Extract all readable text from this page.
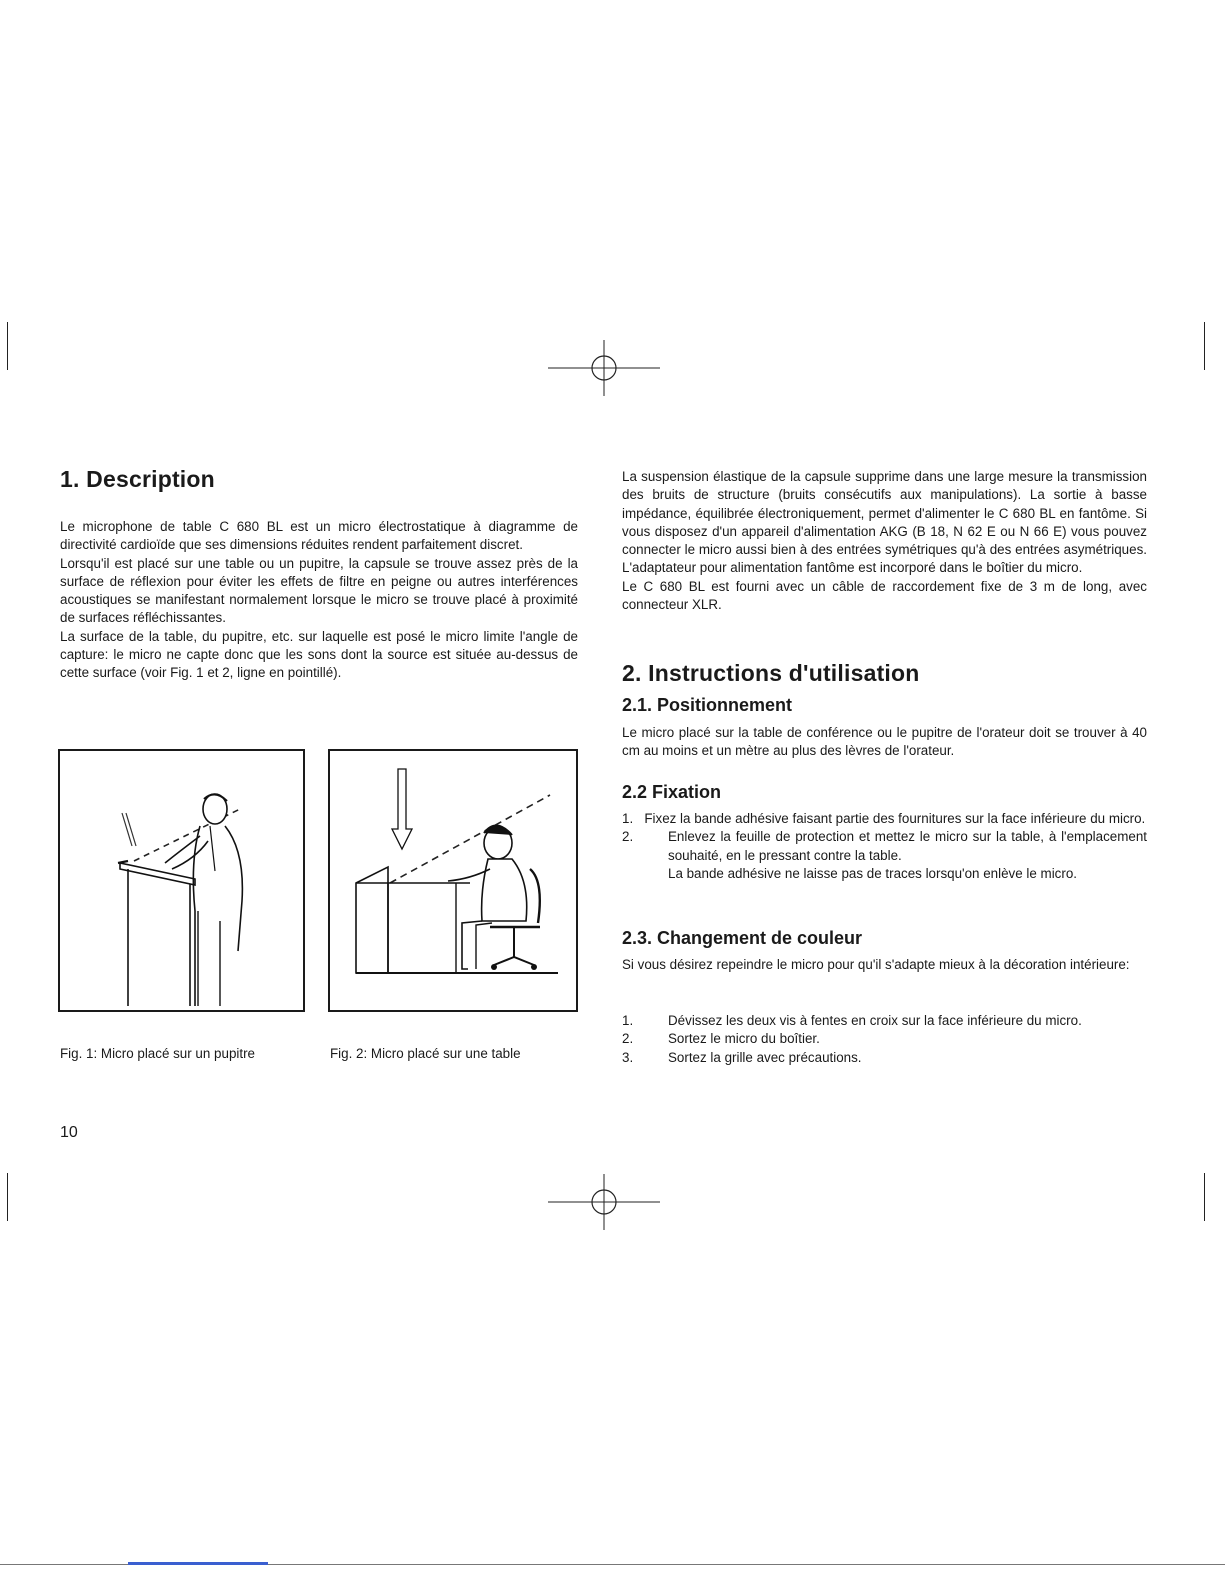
1. Description

Le microphone de table C 680 BL est un micro électrostatique à diagramme de directivité cardioïde que ses dimensions réduites rendent parfaitement discret.

Lorsqu'il est placé sur une table ou un pupitre, la capsule se trouve assez près de la surface de réflexion pour éviter les effets de filtre en peigne ou autres interférences acoustiques se manifestant normalement lorsque le micro se trouve placé à proximité de surfaces réfléchissantes.

La surface de la table, du pupitre, etc. sur laquelle est posé le micro limite l'angle de capture: le micro ne capte donc que les sons dont la source est située au-dessus de cette surface (voir Fig. 1 et 2, ligne en pointillé).

Fig. 1: Micro placé sur un pupitre	Fig. 2: Micro placé sur une table
10

La suspension élastique de la capsule supprime dans une large mesure la transmission des bruits de structure (bruits consécutifs aux manipulations). La sortie à basse impédance, équilibrée électroniquement, permet d'alimenter le C 680 BL en fantôme. Si vous disposez d'un appareil d'alimentation AKG (B 18, N 62 E ou N 66 E) vous pouvez connecter le micro aussi bien à des entrées symétriques qu'à des entrées asymétriques. L'adaptateur pour alimentation fantôme est incorporé dans le boîtier du micro.

Le C 680 BL est fourni avec un câble de raccordement fixe de 3 m de long, avec connecteur XLR.

2. Instructions d'utilisation
2.1. Positionnement
Le micro placé sur la table de conférence ou le pupitre de l'orateur doit se trouver à 40 cm au moins et un mètre au plus des lèvres de l'orateur.
2.2 Fixation

1. Fixez la bande adhésive faisant partie des fournitures sur la face inférieure du micro.

2.	Enlevez la feuille de protection et mettez le micro sur la table, à l'emplacement souhaité, en le pressant contre la table.
La bande adhésive ne laisse pas de traces lorsqu'on enlève le micro.
2.3. Changement de couleur
Si vous désirez repeindre le micro pour qu'il s'adapte mieux à la décoration intérieure:
1.	Dévissez les deux vis à fentes en croix sur la face inférieure du micro.
2.	Sortez le micro du boîtier.
3.	Sortez la grille avec précautions.
